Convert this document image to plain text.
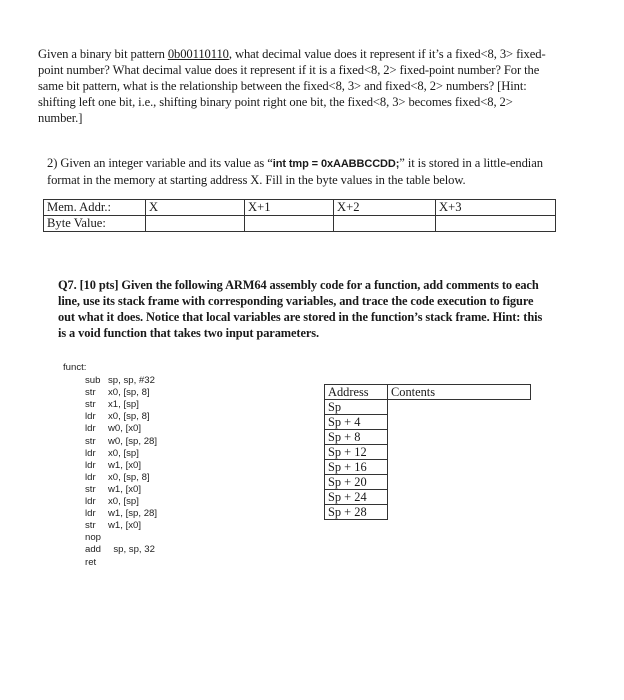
Given a binary bit pattern 0b00110110, what decimal value does it represent if it’s a fixed<8, 3> fixed-point number? What decimal value does it represent if it is a fixed<8, 2> fixed-point number? For the same bit pattern, what is the relationship between the fixed<8, 3> and fixed<8, 2> numbers? [Hint: shifting left one bit, i.e., shifting binary point right one bit, the fixed<8, 3> becomes fixed<8, 2> number.]

2) Given an integer variable and its value as “int tmp = 0xAABBCCDD;” it is stored in a little-endian format in the memory at starting address X. Fill in the byte values in the table below.

Mem. Addr.:	X	X+1	X+2	X+3
Byte Value:				

Q7. [10 pts] Given the following ARM64 assembly code for a function, add comments to each line, use its stack frame with corresponding variables, and trace the code execution to figure out what it does. Notice that local variables are stored in the function’s stack frame. Hint: this is a void function that takes two input parameters.

funct:
sub sp, sp, #32
str x0, [sp, 8]
str x1, [sp]
ldr x0, [sp, 8]
ldr w0, [x0]
str w0, [sp, 28]
ldr x0, [sp]
ldr w1, [x0]
ldr x0, [sp, 8]
str w1, [x0]
ldr x0, [sp]
ldr w1, [sp, 28]
str w1, [x0]
nop
add  sp, sp, 32
ret
Address	Contents
Sp	
Sp + 4	
Sp + 8	
Sp + 12	
Sp + 16	
Sp + 20	
Sp + 24	
Sp + 28	
